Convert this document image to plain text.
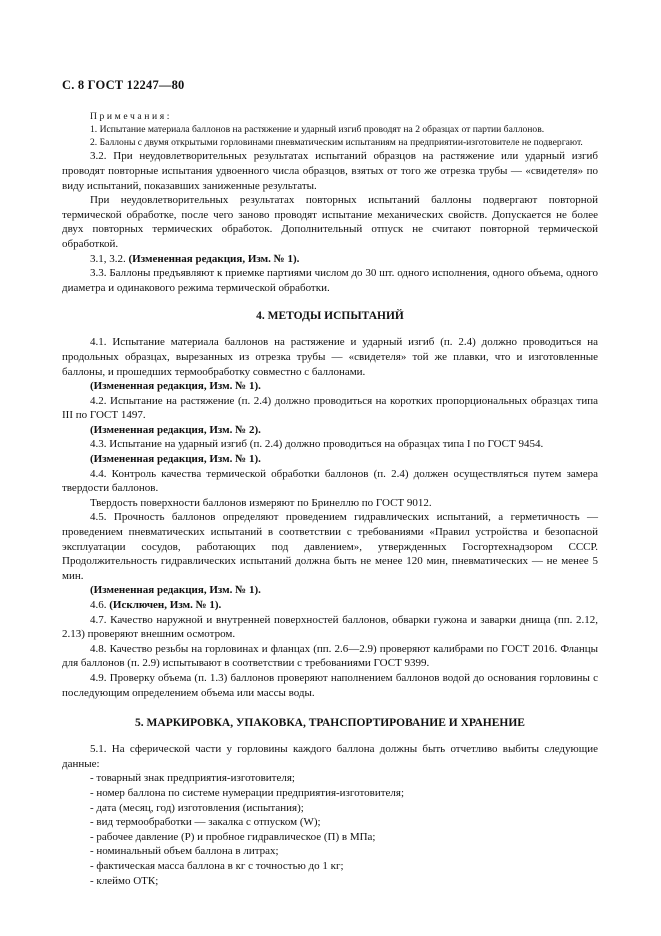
С. 8 ГОСТ 12247—80

Примечания:

1. Испытание материала баллонов на растяжение и ударный изгиб проводят на 2 образцах от партии баллонов.

2. Баллоны с двумя открытыми горловинами пневматическим испытаниям на предприятии-изготовителе не подвергают.

3.2. При неудовлетворительных результатах испытаний образцов на растяжение или ударный изгиб проводят повторные испытания удвоенного числа образцов, взятых от того же отрезка трубы — «свидетеля» по виду испытаний, показавших заниженные результаты.

При неудовлетворительных результатах повторных испытаний баллоны подвергают повторной термической обработке, после чего заново проводят испытание механических свойств. Допускается не более двух повторных термических обработок. Дополнительный отпуск не считают повторной термической обработкой.

3.1, 3.2. (Измененная редакция, Изм. № 1).

3.3. Баллоны предъявляют к приемке партиями числом до 30 шт. одного исполнения, одного объема, одного диаметра и одинакового режима термической обработки.

4. МЕТОДЫ ИСПЫТАНИЙ

4.1. Испытание материала баллонов на растяжение и ударный изгиб (п. 2.4) должно проводиться на продольных образцах, вырезанных из отрезка трубы — «свидетеля» той же плавки, что и изготовленные баллоны, и прошедших термообработку совместно с баллонами.

(Измененная редакция, Изм. № 1).

4.2. Испытание на растяжение (п. 2.4) должно проводиться на коротких пропорциональных образцах типа III по ГОСТ 1497.

(Измененная редакция, Изм. № 2).

4.3. Испытание на ударный изгиб (п. 2.4) должно проводиться на образцах типа I по ГОСТ 9454.

(Измененная редакция, Изм. № 1).

4.4. Контроль качества термической обработки баллонов (п. 2.4) должен осуществляться путем замера твердости баллонов.

Твердость поверхности баллонов измеряют по Бринеллю по ГОСТ 9012.

4.5. Прочность баллонов определяют проведением гидравлических испытаний, а герметичность — проведением пневматических испытаний в соответствии с требованиями «Правил устройства и безопасной эксплуатации сосудов, работающих под давлением», утвержденных Госгортехнадзором СССР. Продолжительность гидравлических испытаний должна быть не менее 120 мин, пневматических — не менее 5 мин.

(Измененная редакция, Изм. № 1).

4.6. (Исключен, Изм. № 1).

4.7. Качество наружной и внутренней поверхностей баллонов, обварки гужона и заварки днища (пп. 2.12, 2.13) проверяют внешним осмотром.

4.8. Качество резьбы на горловинах и фланцах (пп. 2.6—2.9) проверяют калибрами по ГОСТ 2016. Фланцы для баллонов (п. 2.9) испытывают в соответствии с требованиями ГОСТ 9399.

4.9. Проверку объема (п. 1.3) баллонов проверяют наполнением баллонов водой до основания горловины с последующим определением объема или массы воды.

5. МАРКИРОВКА, УПАКОВКА, ТРАНСПОРТИРОВАНИЕ И ХРАНЕНИЕ

5.1. На сферической части у горловины каждого баллона должны быть отчетливо выбиты следующие данные:

- товарный знак предприятия-изготовителя;

- номер баллона по системе нумерации предприятия-изготовителя;

- дата (месяц, год) изготовления (испытания);

- вид термообработки — закалка с отпуском (W);

- рабочее давление (Р) и пробное гидравлическое (П) в МПа;

- номинальный объем баллона в литрах;

- фактическая масса баллона в кг с точностью до 1 кг;

- клеймо ОТК;
